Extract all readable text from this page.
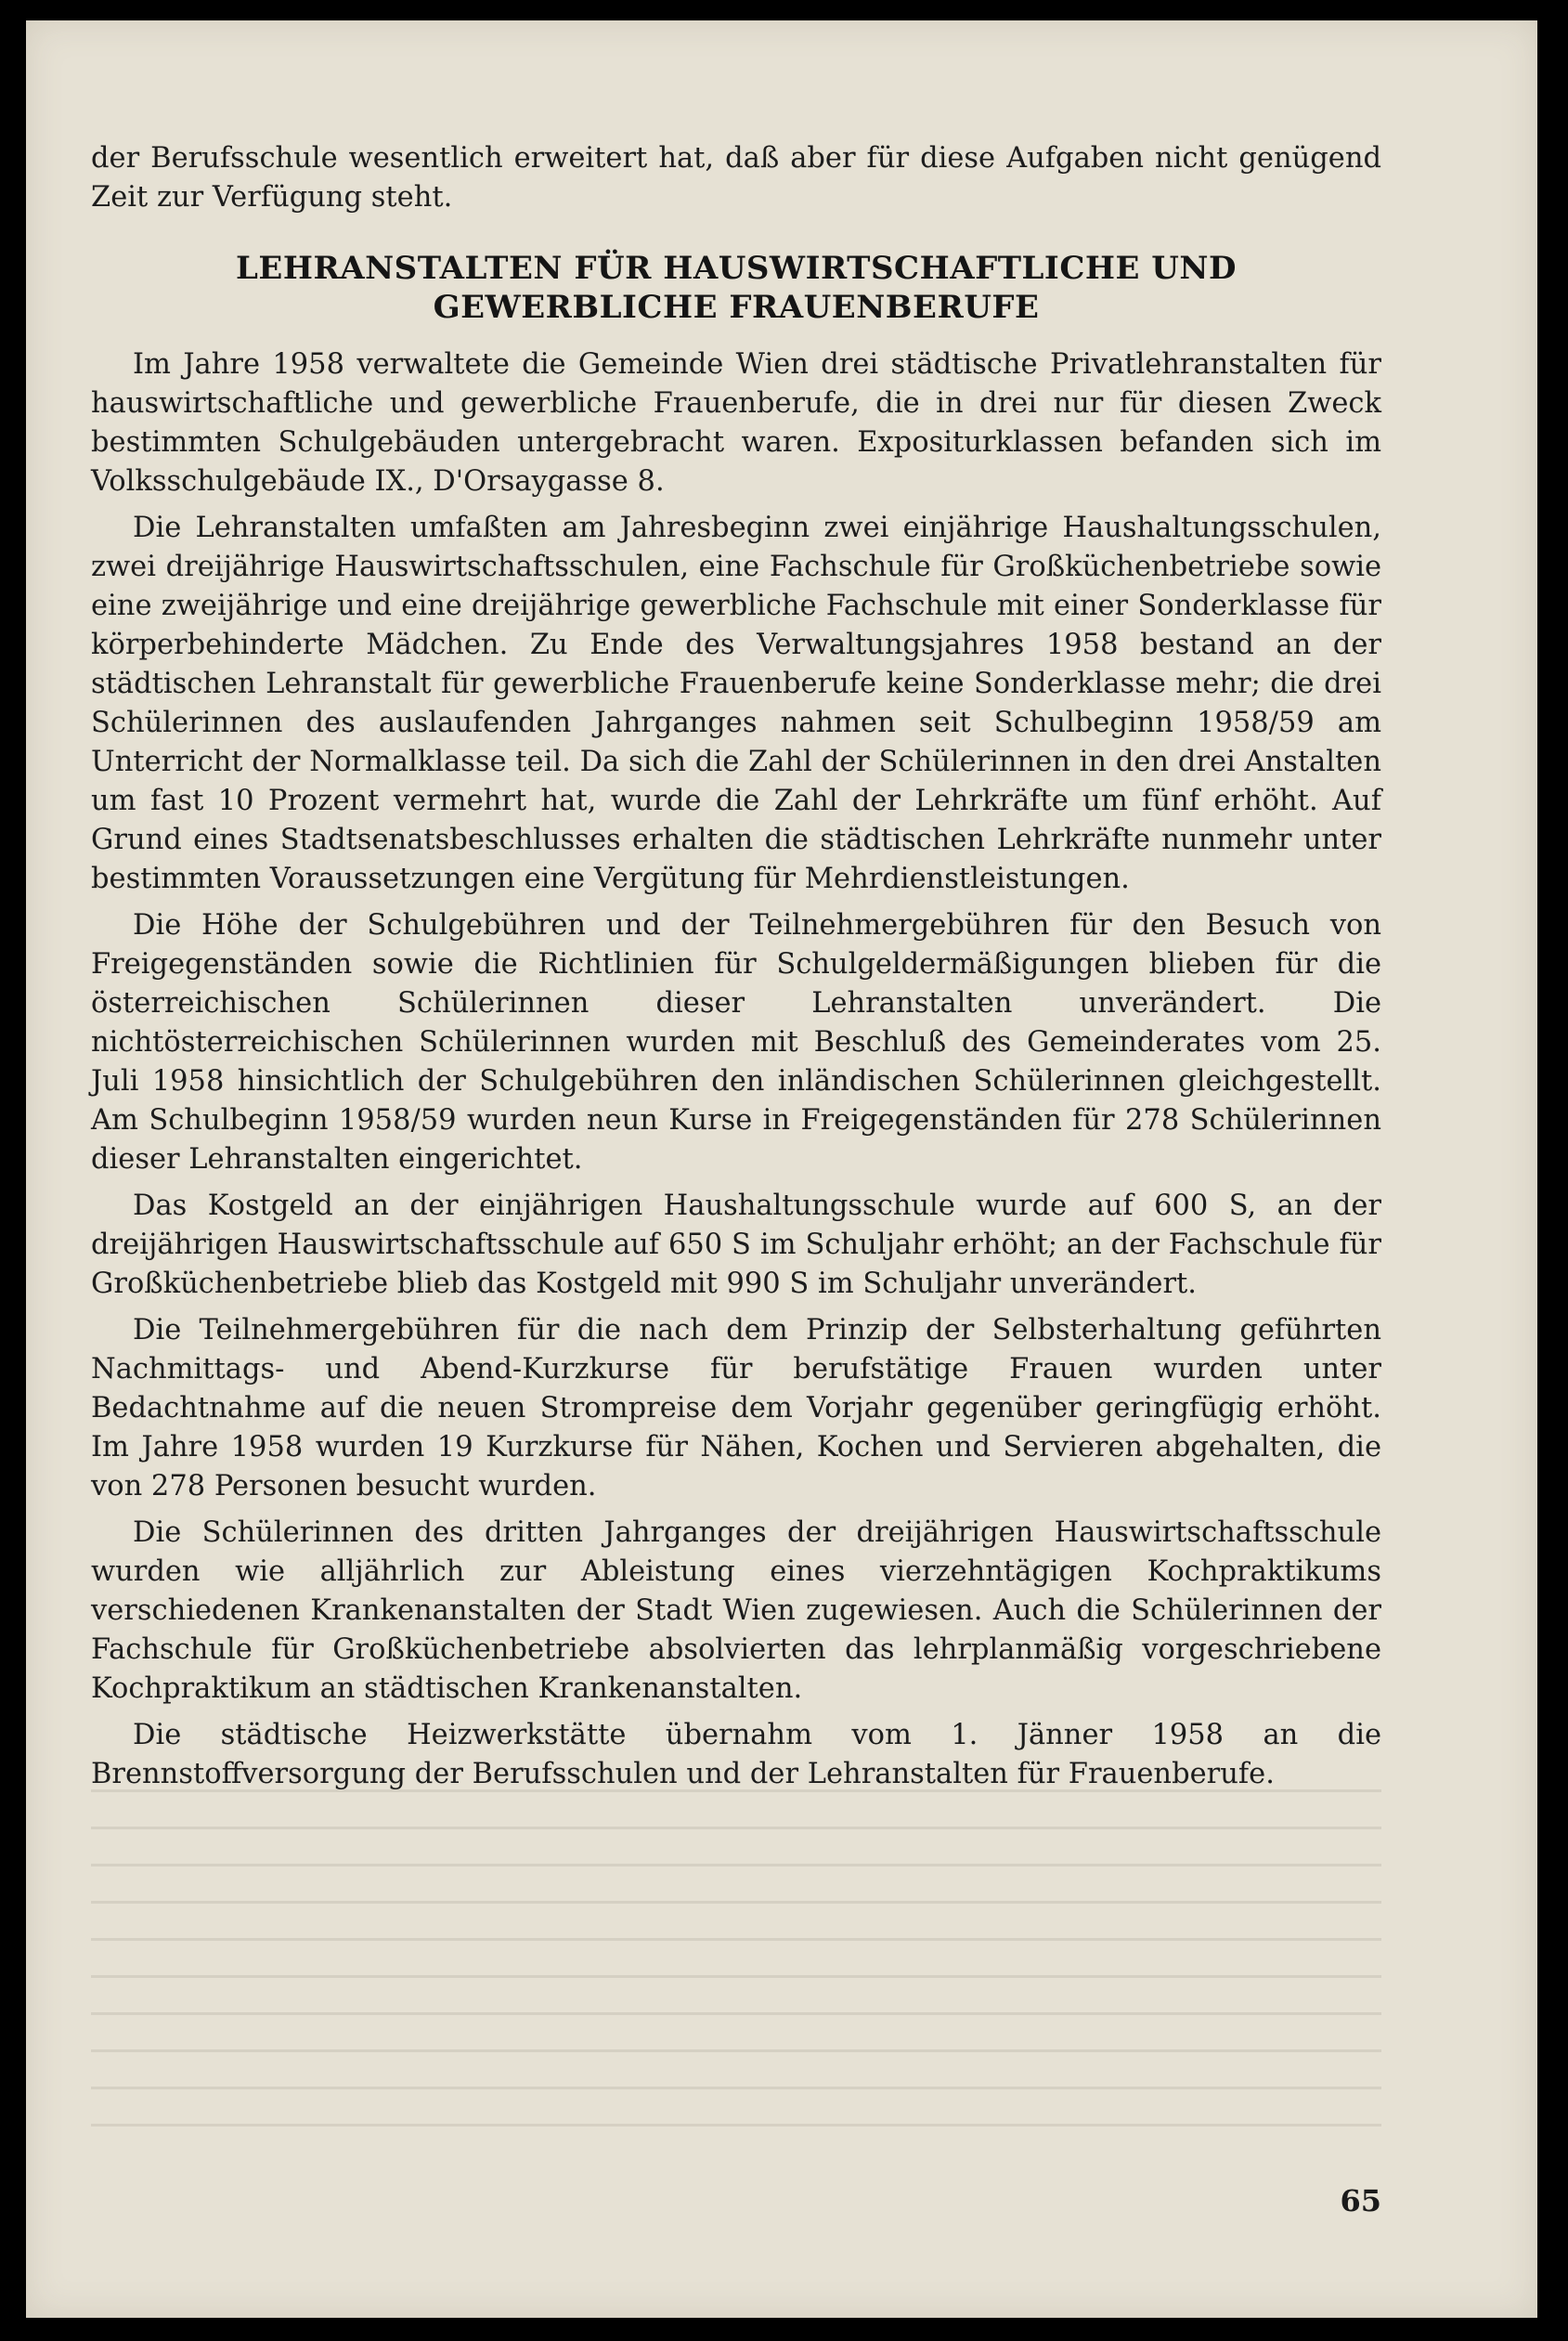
der Berufsschule wesentlich erweitert hat, daß aber für diese Aufgaben nicht genügend Zeit zur Verfügung steht.

LEHRANSTALTEN FÜR HAUSWIRTSCHAFTLICHE UND GEWERBLICHE FRAUENBERUFE

Im Jahre 1958 verwaltete die Gemeinde Wien drei städtische Privatlehranstalten für hauswirtschaftliche und gewerbliche Frauenberufe, die in drei nur für diesen Zweck bestimmten Schulgebäuden untergebracht waren. Expositurklassen befanden sich im Volksschulgebäude IX., D'Orsaygasse 8.

Die Lehranstalten umfaßten am Jahresbeginn zwei einjährige Haushaltungsschulen, zwei dreijährige Hauswirtschaftsschulen, eine Fachschule für Großküchenbetriebe sowie eine zweijährige und eine dreijährige gewerbliche Fachschule mit einer Sonderklasse für körperbehinderte Mädchen. Zu Ende des Verwaltungsjahres 1958 bestand an der städtischen Lehranstalt für gewerbliche Frauenberufe keine Sonderklasse mehr; die drei Schülerinnen des auslaufenden Jahrganges nahmen seit Schulbeginn 1958/59 am Unterricht der Normalklasse teil. Da sich die Zahl der Schülerinnen in den drei Anstalten um fast 10 Prozent vermehrt hat, wurde die Zahl der Lehrkräfte um fünf erhöht. Auf Grund eines Stadtsenatsbeschlusses erhalten die städtischen Lehrkräfte nunmehr unter bestimmten Voraussetzungen eine Vergütung für Mehrdienstleistungen.

Die Höhe der Schulgebühren und der Teilnehmergebühren für den Besuch von Freigegenständen sowie die Richtlinien für Schulgeldermäßigungen blieben für die österreichischen Schülerinnen dieser Lehranstalten unverändert. Die nichtösterreichischen Schülerinnen wurden mit Beschluß des Gemeinderates vom 25. Juli 1958 hinsichtlich der Schulgebühren den inländischen Schülerinnen gleichgestellt. Am Schulbeginn 1958/59 wurden neun Kurse in Freigegenständen für 278 Schülerinnen dieser Lehranstalten eingerichtet.

Das Kostgeld an der einjährigen Haushaltungsschule wurde auf 600 S, an der dreijährigen Hauswirtschaftsschule auf 650 S im Schuljahr erhöht; an der Fachschule für Großküchenbetriebe blieb das Kostgeld mit 990 S im Schuljahr unverändert.

Die Teilnehmergebühren für die nach dem Prinzip der Selbsterhaltung geführten Nachmittags- und Abend-Kurzkurse für berufstätige Frauen wurden unter Bedachtnahme auf die neuen Strompreise dem Vorjahr gegenüber geringfügig erhöht. Im Jahre 1958 wurden 19 Kurzkurse für Nähen, Kochen und Servieren abgehalten, die von 278 Personen besucht wurden.

Die Schülerinnen des dritten Jahrganges der dreijährigen Hauswirtschaftsschule wurden wie alljährlich zur Ableistung eines vierzehntägigen Kochpraktikums verschiedenen Krankenanstalten der Stadt Wien zugewiesen. Auch die Schülerinnen der Fachschule für Großküchenbetriebe absolvierten das lehrplanmäßig vorgeschriebene Kochpraktikum an städtischen Krankenanstalten.

Die städtische Heizwerkstätte übernahm vom 1. Jänner 1958 an die Brennstoffversorgung der Berufsschulen und der Lehranstalten für Frauenberufe.

65
